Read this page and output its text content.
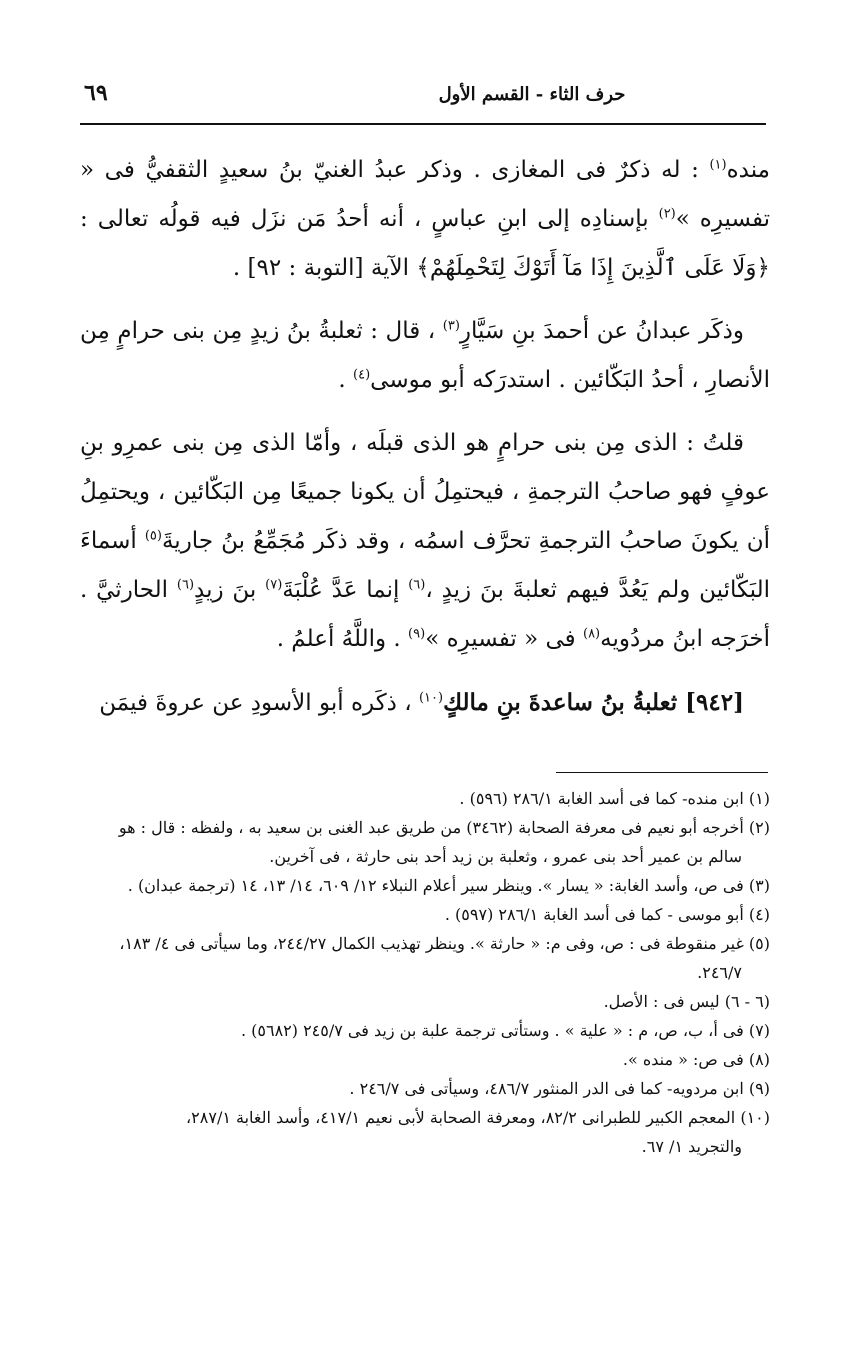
٦٩	حرف الثاء - القسم الأول

منده$^{(١)}$ : له ذكرٌ فى المغازى . وذكر عبدُ الغنيّ بنُ سعيدٍ الثقفيُّ فى « تفسيرِه »$^{(٢)}$ بإسنادِه إلى ابنِ عباسٍ ، أنه أحدُ مَن نزَل فيه قولُه تعالى : ﴿وَلَا عَلَى ٱلَّذِينَ إِذَا مَآ أَتَوْكَ لِتَحْمِلَهُمْ﴾ الآية [التوبة : ٩٢] .

وذكَر عبدانُ عن أحمدَ بنِ سَيَّارٍ$^{(٣)}$ ، قال : ثعلبةُ بنُ زيدٍ مِن بنى حرامٍ مِن الأنصارِ ، أحدُ البَكّائين . استدرَكه أبو موسى$^{(٤)}$ .

قلتُ : الذى مِن بنى حرامٍ هو الذى قبلَه ، وأمّا الذى مِن بنى عمرِو بنِ عوفٍ فهو صاحبُ الترجمةِ ، فيحتمِلُ أن يكونا جميعًا مِن البَكّائين ، ويحتمِلُ أن يكونَ صاحبُ الترجمةِ تحرَّف اسمُه ، وقد ذكَر مُجَمِّعُ بنُ جاريةَ$^{(٥)}$ أسماءَ البَكّائين ولم يَعُدَّ فيهم ثعلبةَ بنَ زيدٍ ،$^{(٦)}$ إنما عَدَّ عُلْبَةَ$^{(٧)}$ بنَ زيدٍ$^{(٦)}$ الحارثيَّ . أخرَجه ابنُ مردُويه$^{(٨)}$ فى « تفسيرِه »$^{(٩)}$ . واللَّهُ أعلمُ .

[٩٤٢] ثعلبةُ بنُ ساعدةَ بنِ مالكٍ$^{(١٠)}$ ، ذكَره أبو الأسودِ عن عروةَ فيمَن

(١) ابن منده- كما فى أسد الغابة ٢٨٦/١ (٥٩٦) .

(٢) أخرجه أبو نعيم فى معرفة الصحابة (٣٤٦٢) من طريق عبد الغنى بن سعيد به ، ولفظه : قال : هو
سالم بن عمير أحد بنى عمرو ، وثعلبة بن زيد أحد بنى حارثة ، فى آخرين.

(٣) فى ص، وأسد الغابة: « يسار ». وينظر سير أعلام النبلاء ١٢/ ٦٠٩، ١٤/ ١٣، ١٤ (ترجمة عبدان) .

(٤) أبو موسى - كما فى أسد الغابة ٢٨٦/١ (٥٩٧) .

(٥) غير منقوطة فى : ص، وفى م: « حارثة ». وينظر تهذيب الكمال ٢٤٤/٢٧، وما سيأتى فى ٤/ ١٨٣،
٢٤٦/٧.

(٦ - ٦) ليس فى : الأصل.

(٧) فى أ، ب، ص، م : « علية » . وستأتى ترجمة علبة بن زيد فى ٢٤٥/٧ (٥٦٨٢) .

(٨) فى ص: « منده ».

(٩) ابن مردويه- كما فى الدر المنثور ٤٨٦/٧، وسيأتى فى ٢٤٦/٧ .

(١٠) المعجم الكبير للطبرانى ٨٢/٢، ومعرفة الصحابة لأبى نعيم ٤١٧/١، وأسد الغابة ٢٨٧/١،
والتجريد ١/ ٦٧.
